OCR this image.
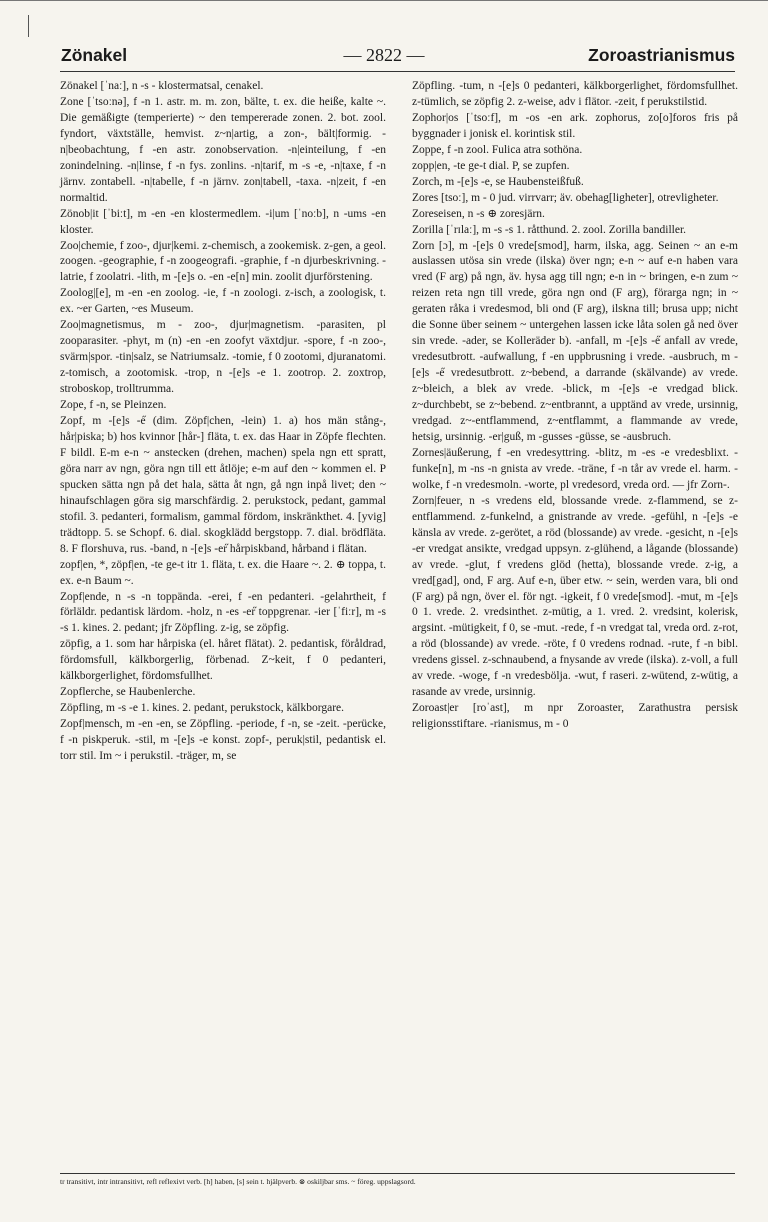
Zönakel	— 2822 —	Zoroastrianismus

Zönakel [ˈnaː], n -s - klostermatsal, cenakel.

Zone [ˈtsoːnə], f -n 1. astr. m. m. zon, bälte, t. ex. die heiße, kalte ~. Die gemäßigte (temperierte) ~ den tempererade zonen. 2. bot. zool. fyndort, växtställe, hemvist. z~n|artig, a zon-, bält|formig. -n|beobachtung, f -en astr. zonobservation. -n|einteilung, f -en zonindelning. -n|linse, f -n fys. zonlins. -n|tarif, m -s -e, -n|taxe, f -n järnv. zontabell. -n|tabelle, f -n järnv. zon|tabell, -taxa. -n|zeit, f -en normaltid.

Zönob|it [ˈbiːt], m -en -en klostermedlem. -i|um [ˈnoːb], n -ums -en kloster.

Zoo|chemie, f zoo-, djur|kemi. z-chemisch, a zookemisk. z-gen, a geol. zoogen. -geographie, f -n zoogeografi. -graphie, f -n djurbeskrivning. -latrie, f zoolatri. -lith, m -[e]s o. -en -e[n] min. zoolit djurförstening.

Zoolog|[e], m -en -en zoolog. -ie, f -n zoologi. z-isch, a zoologisk, t. ex. ~er Garten, ~es Museum.

Zoo|magnetismus, m - zoo-, djur|magnetism. -parasiten, pl zooparasiter. -phyt, m (n) -en -en zoofyt växtdjur. -spore, f -n zoo-, svärm|spor. -tin|salz, se Natriumsalz. -tomie, f 0 zootomi, djuranatomi. z-tomisch, a zootomisk. -trop, n -[e]s -e 1. zootrop. 2. zoxtrop, stroboskop, trolltrumma.

Zope, f -n, se Pleinzen.

Zopf, m -[e]s -e̋ (dim. Zöpf|chen, -lein) 1. a) hos män stång-, hår|piska; b) hos kvinnor [hår-] fläta, t. ex. das Haar in Zöpfe flechten. F bildl. E-m e-n ~ anstecken (drehen, machen) spela ngn ett spratt, göra narr av ngn, göra ngn till ett åtlöje; e-m auf den ~ kommen el. P spucken sätta ngn på det hala, sätta åt ngn, gå ngn inpå livet; den ~ hinaufschlagen göra sig marschfärdig. 2. perukstock, pedant, gammal stofil. 3. pedanteri, formalism, gammal fördom, inskränkthet. 4. [yvig] trädtopp. 5. se Schopf. 6. dial. skogklädd bergstopp. 7. dial. brödfläta. 8. F florshuva, rus. -band, n -[e]s -er̋ hårpiskband, hårband i flätan.

zopf|en, *, zöpf|en, -te ge-t itr 1. fläta, t. ex. die Haare ~. 2. ⊕ toppa, t. ex. e-n Baum ~.

Zopf|ende, n -s -n toppända. -erei, f -en pedanteri. -gelahrtheit, f förläldr. pedantisk lärdom. -holz, n -es -er̋ toppgrenar. -ier [ˈfiːr], m -s -s 1. kines. 2. pedant; jfr Zöpfling. z-ig, se zöpfig.

zöpfig, a 1. som har hårpiska (el. håret flätat). 2. pedantisk, föråldrad, fördomsfull, kälkborgerlig, förbenad. Z~keit, f 0 pedanteri, kälkborgerlighet, fördomsfullhet.

Zopflerche, se Haubenlerche.

Zöpfling, m -s -e 1. kines. 2. pedant, perukstock, kälkborgare.

Zopf|mensch, m -en -en, se Zöpfling. -periode, f -n, se -zeit. -perücke, f -n piskperuk. -stil, m -[e]s -e konst. zopf-, peruk|stil, pedantisk el. torr stil. Im ~ i perukstil. -träger, m, se

Zöpfling. -tum, n -[e]s 0 pedanteri, kälkborgerlighet, fördomsfullhet. z-tümlich, se zöpfig 2. z-weise, adv i flätor. -zeit, f perukstilstid.

Zophor|os [ˈtsoːf], m -os -en ark. zophorus, zo[o]foros fris på byggnader i jonisk el. korintisk stil.

Zoppe, f -n zool. Fulica atra sothöna.

zopp|en, -te ge-t dial. P, se zupfen.

Zorch, m -[e]s -e, se Haubensteißfuß.

Zores [tsoː], m - 0 jud. virrvarr; äv. obehag[ligheter], otrevligheter.

Zoreseisen, n -s ⊕ zoresjärn.

Zorilla [ˈrɪlaː], m -s -s 1. råtthund. 2. zool. Zorilla bandiller.

Zorn [ɔ], m -[e]s 0 vrede[smod], harm, ilska, agg. Seinen ~ an e-m auslassen utösa sin vrede (ilska) över ngn; e-n ~ auf e-n haben vara vred (F arg) på ngn, äv. hysa agg till ngn; e-n in ~ bringen, e-n zum ~ reizen reta ngn till vrede, göra ngn ond (F arg), förarga ngn; in ~ geraten råka i vredesmod, bli ond (F arg), ilskna till; brusa upp; nicht die Sonne über seinem ~ untergehen lassen icke låta solen gå ned över sin vrede. -ader, se Kolleräder b). -anfall, m -[e]s -e̋ anfall av vrede, vredesutbrott. -aufwallung, f -en uppbrusning i vrede. -ausbruch, m -[e]s -e̋ vredesutbrott. z~bebend, a darrande (skälvande) av vrede. z~bleich, a blek av vrede. -blick, m -[e]s -e vredgad blick. z~durchbebt, se z~bebend. z~entbrannt, a upptänd av vrede, ursinnig, vredgad. z~-entflammend, z~entflammt, a flammande av vrede, hetsig, ursinnig. -er|guß, m -gusses -güsse, se -ausbruch.

Zornes|äußerung, f -en vredesyttring. -blitz, m -es -e vredesblixt. -funke[n], m -ns -n gnista av vrede. -träne, f -n tår av vrede el. harm. -wolke, f -n vredesmoln. -worte, pl vredesord, vreda ord. — jfr Zorn-.

Zorn|feuer, n -s vredens eld, blossande vrede. z-flammend, se z-entflammend. z-funkelnd, a gnistrande av vrede. -gefühl, n -[e]s -e känsla av vrede. z-gerötet, a röd (blossande) av vrede. -gesicht, n -[e]s -er vredgat ansikte, vredgad uppsyn. z-glühend, a lågande (blossande) av vrede. -glut, f vredens glöd (hetta), blossande vrede. z-ig, a vred[gad], ond, F arg. Auf e-n, über etw. ~ sein, werden vara, bli ond (F arg) på ngn, över el. för ngt. -igkeit, f 0 vrede[smod]. -mut, m -[e]s 0 1. vrede. 2. vredsinthet. z-mütig, a 1. vred. 2. vredsint, kolerisk, argsint. -mütigkeit, f 0, se -mut. -rede, f -n vredgat tal, vreda ord. z-rot, a röd (blossande) av vrede. -röte, f 0 vredens rodnad. -rute, f -n bibl. vredens gissel. z-schnaubend, a fnysande av vrede (ilska). z-voll, a full av vrede. -woge, f -n vredesbölja. -wut, f raseri. z-wütend, z-wütig, a rasande av vrede, ursinnig.

Zoroast|er [roˈast], m npr Zoroaster, Zarathustra persisk religionsstiftare. -rianismus, m - 0

tr transitivt, intr intransitivt, refl reflexivt verb. [h] haben, [s] sein t. hjälpverb. ⊗ oskiljbar sms. ~ föreg. uppslagsord.
